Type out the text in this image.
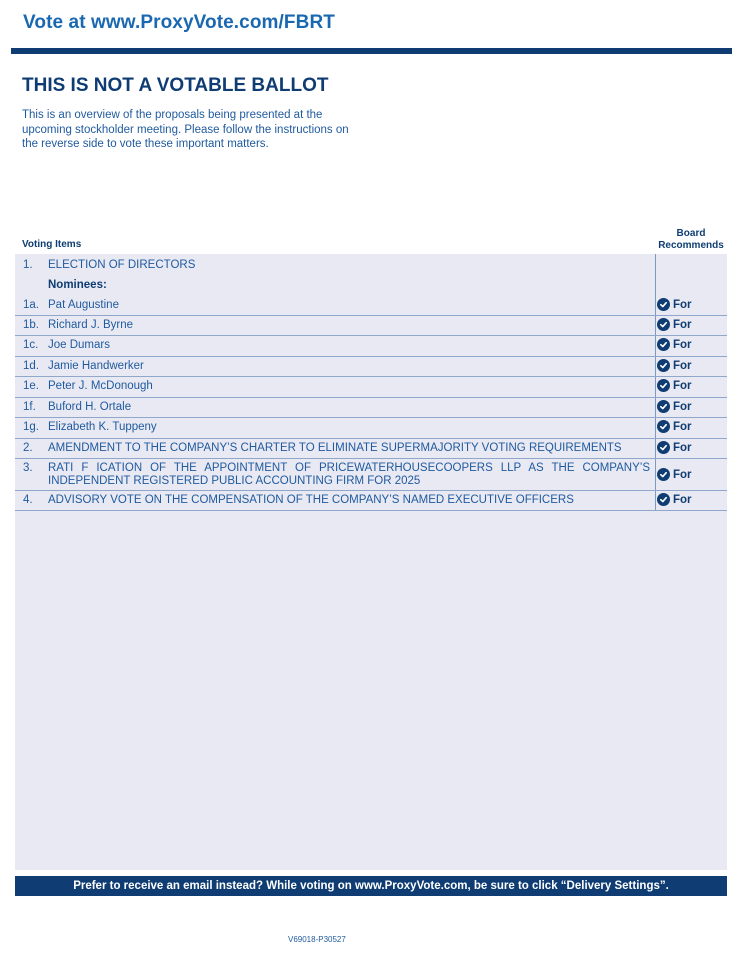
Vote at www.ProxyVote.com/FBRT
THIS IS NOT A VOTABLE BALLOT
This is an overview of the proposals being presented at the upcoming stockholder meeting. Please follow the instructions on the reverse side to vote these important matters.
Voting Items
Board
Recommends
1. ELECTION OF DIRECTORS
Nominees:
1a. Pat Augustine	For
1b. Richard J. Byrne	For
1c. Joe Dumars	For
1d. Jamie Handwerker	For
1e. Peter J. McDonough	For
1f. Buford H. Ortale	For
1g. Elizabeth K. Tuppeny	For
2. AMENDMENT TO THE COMPANY’S CHARTER TO ELIMINATE SUPERMAJORITY VOTING REQUIREMENTS	For
3. RATI F ICATION OF THE APPOINTMENT OF PRICEWATERHOUSECOOPERS LLP AS THE COMPANY’S INDEPENDENT REGISTERED PUBLIC ACCOUNTING FIRM FOR 2025	For
4. ADVISORY VOTE ON THE COMPENSATION OF THE COMPANY’S NAMED EXECUTIVE OFFICERS	For
Prefer to receive an email instead? While voting on www.ProxyVote.com, be sure to click “Delivery Settings”.
V69018-P30527
